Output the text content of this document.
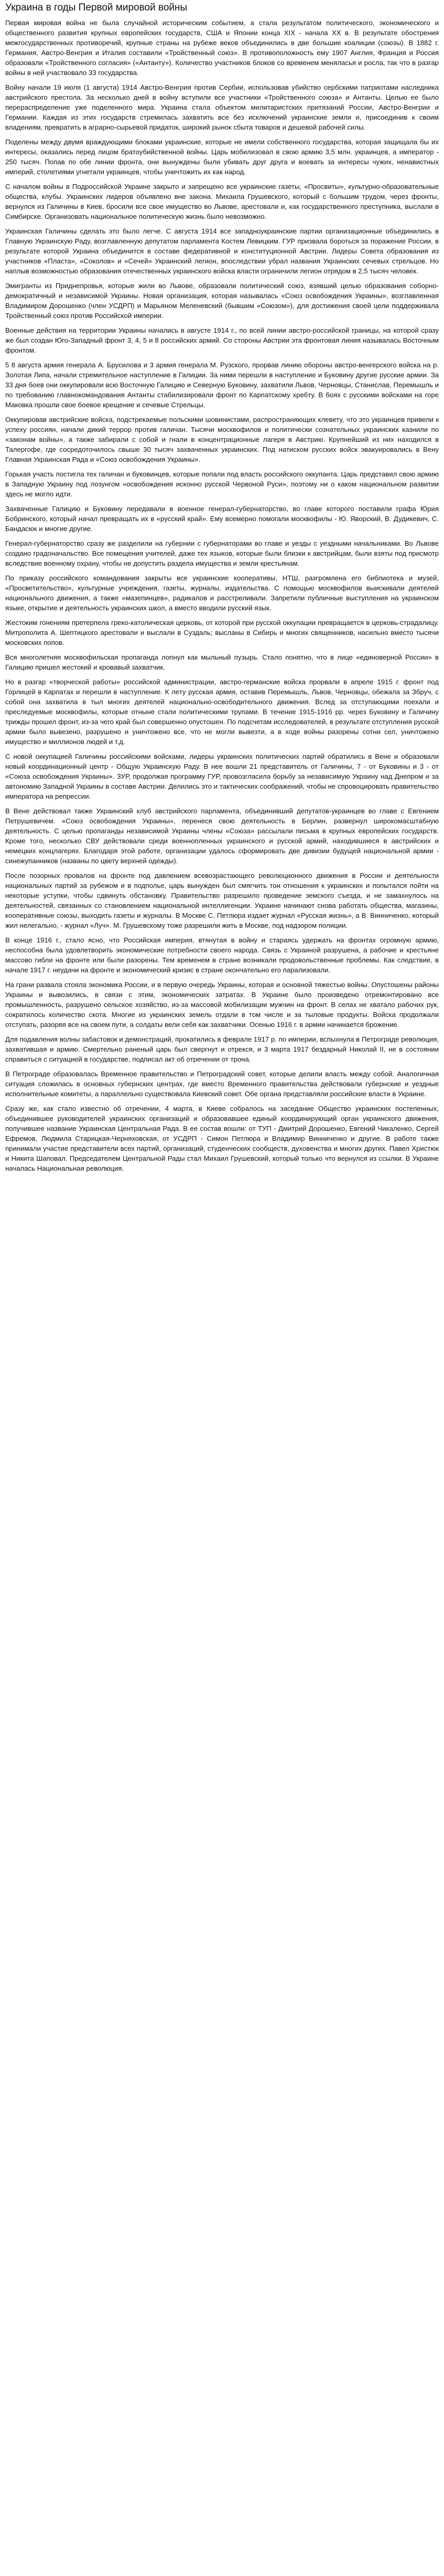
Украина в годы Первой мировой войны

Первая мировая война не была случайной историческим событием, а стала результатом политического, экономического и общественного развития крупных европейских государств, США и Японии конца XIX - начала XX в. В результате обострения межгосударственных противоречий, крупные страны на рубеже веков объединились в две большие коалиции (союзы). В 1882 г. Германия, Австро-Венгрия и Италия составили «Тройственный союз». В противоположность ему 1907 Англия, Франция и Россия образовали «Тройственного согласия» («Антанту»). Количество участников блоков со временем меняласья и росла, так что в разгар войны в ней участвовало 33 государства.

Войну начали 19 июля (1 августа) 1914 Австро-Венгрия против Сербии, использовав убийство сербскими патриотами наследника австрийского престола. За несколько дней в войну вступили все участники «Тройственного союза» и Антанты. Целью ее было перераспределение уже поделенного мира. Украина стала объектом милитаристских притязаний России, Австро-Венгрии и Германии. Каждая из этих государств стремилась захватить все без исключений украинские земли и, присоединив к своим владениям, превратить в аграрно-сырьевой придаток, широкий рынок сбыта товаров и дешевой рабочей силы.

Поделены между двумя враждующими блоками украинские, которые не имели собственного государства, которая защищала бы их интересы, оказались перед лицом братоубийственной войны. Царь мобилизовал в свою армию 3,5 млн. украинцев, а император - 250 тысяч. Попав по обе линии фронта, они вынуждены были убивать друг друга и воевать за интересы чужих, ненавистных империй, столетиями угнетали украинцев, чтобы уничтожить их как народ.

С началом войны в Подроссийской Украине закрыто и запрещено все украинские газеты, «Просвиты», культурно-образовательные общества, клубы. Украинских лидеров объявлено вне закона. Михаила Грушевского, который с большим трудом, через фронты, вернулся из Галичины в Киев, бросили все свое имущество во Львове, арестовали и, как государственного преступника, выслали в Симбирске. Организовать национальное политическую жизнь было невозможно.

Украинская Галичины сделать это было легче. С августа 1914 все западноукраинские партии организационные объединились в Главную Украинскую Раду, возглавленную депутатом парламента Костем Левицким. ГУР призвала бороться за поражение России, в результате которой Украина объединится в составе федеративной и конституционной Австрии. Лидеры Совета образования из участников «Пласта», «Соколов» и «Сечей» Украинский легион, впоследствии убрал названия Украинских сечевых стрельцов. Но наплыв возможностью образования отечественных украинского войска власти ограничили легион отрядом в 2,5 тысяч человек.

Эмигранты из Приднепровья, которые жили во Львове, образовали политический союз, взявший целью образования соборно-демократичный и независимой Украины. Новая организация, которая называлась «Союз освобождения Украины», возглавленная Владимиром Дорошенко (член УСДРП) и Марьяном Меленевский (бывшим «Союзом»), для достижения своей цели поддерживала Тройственный союз против Российской империи.

Военные действия на территории Украины начались в августе 1914 г., по всей линии австро-российской границы, на которой сразу же был создан Юго-Западный фронт 3, 4, 5 и 8 российских армий. Со стороны Австрии эта фронтовая линия называлась Восточным фронтом.

5 8 августа армия генерала А. Брусилова и 3 армия генерала М. Рузского, прорвав линию обороны австро-венгерского войска на р. Золотая Липа, начали стремительное наступление в Галиции. За ними перешли в наступление и Буковину другие русские армии. За 33 дня боев они оккупировали всю Восточную Галицию и Северную Буковину, захватили Львов, Черновцы, Станислав, Перемышль и по требованию главнокомандования Антанты стабилизировали фронт по Карпатскому хребту. В боях с русскими войсками на горе Маковка прошли свое боевое крещение и сечевые Стрельцы.

Оккупировав австрийские войска, подстрекаемые польскими шовинистами, распространяющих клевету, что это украинцев привели к успеху россиян, начали дикий террор против галичан. Тысячи москвофилов и политически сознательных украинских казнили по «законам войны», а также забирали с собой и гнали в концентрационные лагеря в Австрию. Крупнейший из них находился в Талергофе, где сосредоточилось свыше 30 тысяч захваченных украинских. Под натиском русских войск эвакуировались в Вену Главная Украинская Рада и «Союз освобождения Украины».

Горькая участь постигла тех галичан и буковинцев, которые попали под власть российского оккупанта. Царь представил свою армию в Западную Украину под лозунгом «освобождения исконно русской Червоной Руси», поэтому ни о каком национальном развитии здесь не могло идти.

Захваченные Галицию и Буковину передавали в военное генерал-губернаторство, во главе которого поставили графа Юрия Бобринского, который начал превращать их в «русский край». Ему всемерно помогали москвофилы - Ю. Яворский, В. Дудикевич, С. Бандасюк и многие другие.

Генерал-губернаторство сразу же разделили на губернии с губернаторами во главе и уезды с уездными начальниками. Во Львове создано градоначальство. Все помещения учителей, даже тех языков, которые были близки к австрийцам, были взяты под присмотр вследствие военному охрану, чтобы не допустить раздела имущества и земли крестьянам.

По приказу российского командования закрыты все украинские кооперативы, НТШ, разгромлена его библиотека и музей, «Просветительство», культурные учреждения, газеты, журналы, издательства. С помощью москвофилов выискивали деятелей национального движения, а также «мазепинцев», радикалов и расстреливали. Запретили публичные выступления на украинском языке, открытие и деятельность украинских школ, а вместо вводили русский язык.

Жестоким гонениям претерпела греко-католическая церковь, от которой при русской оккупации превращается в церковь-страдалицу. Митрополита А. Шептицкого арестовали и выслали в Суздаль; высланы в Сибирь и многих священников, насильно вместо тысячи московских попов.

Вся многолетняя москвофильская пропаганда лопнул как мыльный пузырь. Стало понятно, что в лице «единоверной России» в Галицию пришел жестокий и кровавый захватчик.

Но в разгар «творческой работы» российской администрации, австро-германские войска прорвали в апреле 1915 г. фронт под Горлицей в Карпатах и перешли в наступление. К лету русская армия, оставив Перемышль, Львов, Черновцы, обежала за Збруч, с собой она захватила в тыл многих деятелей национально-освободительного движения. Вслед за отступающими поехали и преследуемые москвофилы, которые отныне стали политическими трупами. В течение 1915-1916 рр. через Буковину и Галичину трижды прошел фронт, из-за чего край был совершенно опустошен. По подсчетам исследователей, в результате отступления русской армии было вывезено, разрушено и уничтожено все, что не могли вывезти, а в ходе войны разорены сотни сел, уничтожено имущество и миллионов людей и т.д.

С новой оккупацией Галичины российскими войсками, лидеры украинских политических партий обратились в Вене и образовали новый координационный центр - Общую Украинскую Раду. В нее вошли 21 представитель от Галичины, 7 - от Буковины и 3 - от «Союза освобождения Украины». ЗУР, продолжая программу ГУР, провозгласила борьбу за независимую Украину над Днепром и за автономию Западной Украины в составе Австрии. Делились это и тактических соображений, чтобы не спровоцировать правительство императора на репрессии.

В Вене действовал также Украинский клуб австрийского парламента, объединивший депутатов-украинцев во главе с Евгением Петрушевичем. «Союз освобождения Украины», перенеся свою деятельность в Берлин, развернул широкомасштабную деятельность. С целью пропаганды независимой Украины члены «Союза» рассылали письма в крупных европейских государств. Кроме того, несколько СВУ действовали среди военнопленных украинского и русской армий, находившиеся в австрийских и немецких концлагерях. Благодаря этой работе, организации удалось сформировать две дивизии будущей национальной армии - синежупанников (названы по цвету верхней одежды).

После позорных провалов на фронте под давлением всевозрастающего революционного движения в России и деятельности национальных партий за рубежом и в подполье, царь вынужден был смягчить тон отношения к украинских и попытался пойти на некоторые уступки, чтобы сдвинуть обстановку. Правительство разрешило проведение земского съезда, и не замахнулось на деятельностей, связанных со становлением национальной интеллигенции. Украине начинают снова работать общества, магазины, кооперативные союзы, выходить газеты и журналы. В Москве С. Петлюра издает журнал «Русская жизнь», а В. Винниченко, который жил нелегально, - журнал «Луч». М. Грушевскому тоже разрешили жить в Москве, под надзором полиции.

В конце 1916 г., стало ясно, что Российская империя, втянутая в войну и стараясь удержать на фронтах огромную армию, неспособна была удовлетворить экономические потребности своего народа. Связь с Украиной разрушена, а рабочие и крестьяне массово гибли на фронте или были разорены. Тем временем в стране возникали продовольственные проблемы. Как следствие, в начале 1917 г. неудачи на фронте и экономический кризис в стране окончательно его парализовали.

На грани развала стояла экономика России, и в первую очередь Украины, которая и основной тяжестью войны. Опустошены районы Украины и вывозились, в связи с этим, экономических затратах. В Украине было произведено отремонтировано все промышленность, разрушено сельское хозяйство, из-за массовой мобилизации мужчин на фронт. В селах не хватало рабочих рук, сократилось количество скота. Многие из украинских земель отдали в том числе и за тыловые продукты. Войска продолжали отступать, разоряя все на своем пути, а солдаты вели себя как захватчики. Осенью 1916 г. в армии начинается брожение.

Для подавления волны забастовок и демонстраций, прокатились в феврале 1917 р. по империи, вспыхнула в Петрограде революция, захватившая и армию. Смертельно раненый царь был свергнут и отрекся, и 3 марта 1917 бездарный Николай II, не в состоянии справиться с ситуацией в государстве, подписал акт об отречении от трона.

В Петрограде образовалась Временное правительство и Петроградский совет, которые делили власть между собой. Аналогичная ситуация сложилась в основных губернских центрах, где вместо Временного правительства действовали губернские и уездные исполнительные комитеты, а параллельно существовала Киевский совет. Обе органа представляли российские власти в Украине.

Сразу же, как стало известно об отречении, 4 марта, в Киеве собралось на заседание Общество украинских постепенных, объединившее руководителей украинских организаций и образовавшее единый координирующий орган украинского движения, получившее название Украинская Центральная Рада. В ее состав вошли: от ТУП - Дмитрий Дорошенко, Евгений Чикаленко, Сергей Ефремов, Людмила Старицкая-Черняховская, от УСДРП - Симон Петлюра и Владимир Винниченко и другие. В работе также принимали участие представители всех партий, организаций, студенческих сообществ, духовенства и многих других. Павел Христюк и Никита Шаповал. Председателем Центральной Рады стал Михаил Грушевский, который только что вернулся из ссылки. В Украине началась Национальная революция.
